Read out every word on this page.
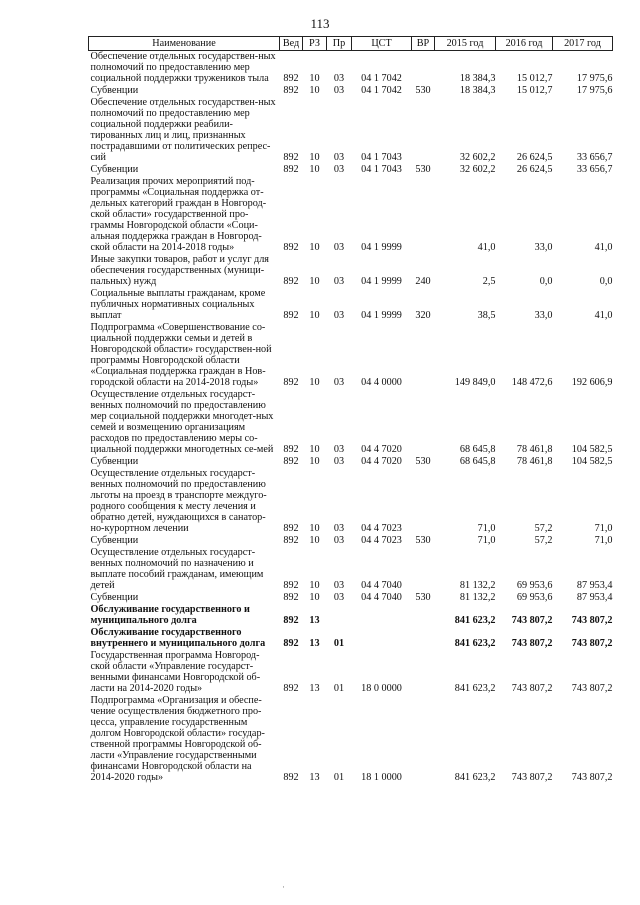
113
Наименование	Вед	РЗ	Пр	ЦСТ	ВР	2015 год	2016 год	2017 год
Обеспечение отдельных государствен-ных полномочий по предоставлению мер социальной поддержки тружеников тыла	892	10	03	04 1 7042		18 384,3	15 012,7	17 975,6
Субвенции	892	10	03	04 1 7042	530	18 384,3	15 012,7	17 975,6
Обеспечение отдельных государствен-ных полномочий по предоставлению мер социальной поддержки реабили-тированных лиц и лиц, признанных пострадавшими от политических репрес-сий	892	10	03	04 1 7043		32 602,2	26 624,5	33 656,7
Субвенции	892	10	03	04 1 7043	530	32 602,2	26 624,5	33 656,7
Реализация прочих мероприятий под-программы «Социальная поддержка от-дельных категорий граждан в Новгород-ской области» государственной про-граммы Новгородской области «Соци-альная поддержка граждан в Новгород-ской области на 2014-2018 годы»	892	10	03	04 1 9999		41,0	33,0	41,0
Иные закупки товаров, работ и услуг для обеспечения государственных (муници-пальных) нужд	892	10	03	04 1 9999	240	2,5	0,0	0,0
Социальные выплаты гражданам, кроме публичных нормативных социальных выплат	892	10	03	04 1 9999	320	38,5	33,0	41,0
Подпрограмма «Совершенствование со-циальной поддержки семьи и детей в Новгородской области» государствен-ной программы Новгородской области «Социальная поддержка граждан в Нов-городской области на 2014-2018 годы»	892	10	03	04 4 0000		149 849,0	148 472,6	192 606,9
Осуществление отдельных государст-венных полномочий по предоставлению мер социальной поддержки многодет-ных семей и возмещению организациям расходов по предоставлению меры со-циальной поддержки многодетных се-мей	892	10	03	04 4 7020		68 645,8	78 461,8	104 582,5
Субвенции	892	10	03	04 4 7020	530	68 645,8	78 461,8	104 582,5
Осуществление отдельных государст-венных полномочий по предоставлению льготы на проезд в транспорте междуго-родного сообщения к месту лечения и обратно детей, нуждающихся в санатор-но-курортном лечении	892	10	03	04 4 7023		71,0	57,2	71,0
Субвенции	892	10	03	04 4 7023	530	71,0	57,2	71,0
Осуществление отдельных государст-венных полномочий по назначению и выплате пособий гражданам, имеющим детей	892	10	03	04 4 7040		81 132,2	69 953,6	87 953,4
Субвенции	892	10	03	04 4 7040	530	81 132,2	69 953,6	87 953,4
Обслуживание государственного и муниципального долга	892	13				841 623,2	743 807,2	743 807,2
Обслуживание государственного внутреннего и муниципального долга	892	13	01			841 623,2	743 807,2	743 807,2
Государственная программа Новгород-ской области «Управление государст-венными финансами Новгородской об-ласти на 2014-2020 годы»	892	13	01	18 0 0000		841 623,2	743 807,2	743 807,2
Подпрограмма «Организация и обеспе-чение осуществления бюджетного про-цесса, управление государственным долгом Новгородской области» государ-ственной программы Новгородской об-ласти «Управление государственными финансами Новгородской области на 2014-2020 годы»	892	13	01	18 1 0000		841 623,2	743 807,2	743 807,2
·
